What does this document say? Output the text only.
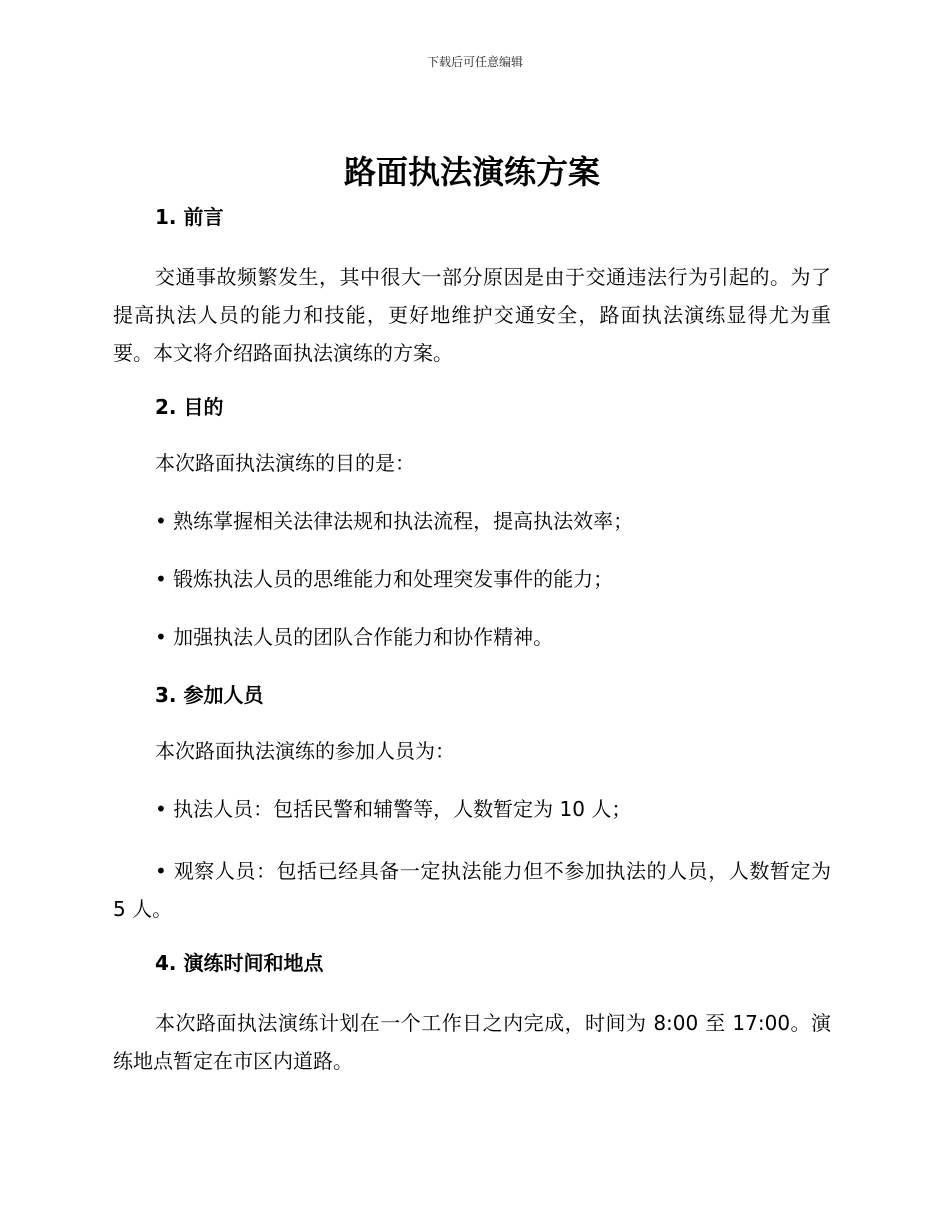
下载后可任意编辑
路面执法演练方案
1. 前言
交通事故频繁发生，其中很大一部分原因是由于交通违法行为引起的。为了提高执法人员的能力和技能，更好地维护交通安全，路面执法演练显得尤为重要。本文将介绍路面执法演练的方案。
2. 目的
本次路面执法演练的目的是：
• 熟练掌握相关法律法规和执法流程，提高执法效率；
• 锻炼执法人员的思维能力和处理突发事件的能力；
• 加强执法人员的团队合作能力和协作精神。
3. 参加人员
本次路面执法演练的参加人员为：
• 执法人员：包括民警和辅警等，人数暂定为 10 人；
• 观察人员：包括已经具备一定执法能力但不参加执法的人员，人数暂定为 5 人。
4. 演练时间和地点
本次路面执法演练计划在一个工作日之内完成，时间为 8:00 至 17:00。演练地点暂定在市区内道路。
